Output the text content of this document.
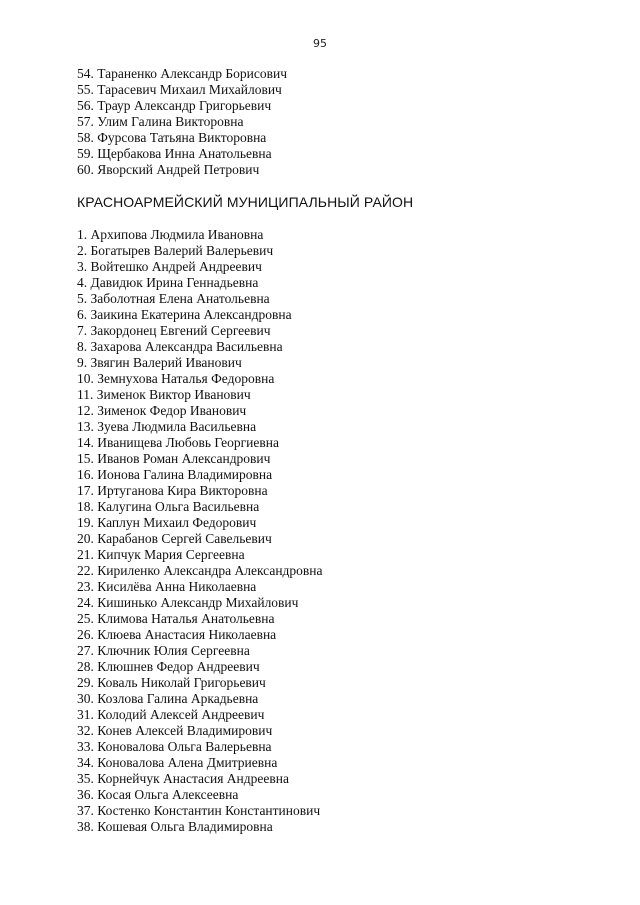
95
54. Тараненко Александр Борисович
55. Тарасевич Михаил Михайлович
56. Траур Александр Григорьевич
57. Улим Галина Викторовна
58. Фурсова Татьяна Викторовна
59. Щербакова Инна Анатольевна
60. Яворский Андрей Петрович
КРАСНОАРМЕЙСКИЙ МУНИЦИПАЛЬНЫЙ РАЙОН
1. Архипова Людмила Ивановна
2. Богатырев Валерий Валерьевич
3. Войтешко Андрей Андреевич
4. Давидюк Ирина Геннадьевна
5. Заболотная Елена Анатольевна
6. Заикина Екатерина Александровна
7. Закордонец Евгений Сергеевич
8. Захарова Александра Васильевна
9. Звягин Валерий Иванович
10. Земнухова Наталья Федоровна
11. Зименок Виктор Иванович
12. Зименок Федор Иванович
13. Зуева Людмила Васильевна
14. Иванищева Любовь Георгиевна
15. Иванов Роман Александрович
16. Ионова Галина Владимировна
17. Иртуганова Кира Викторовна
18. Калугина Ольга Васильевна
19. Каплун Михаил Федорович
20. Карабанов Сергей Савельевич
21. Кипчук Мария Сергеевна
22. Кириленко Александра Александровна
23. Кисилёва Анна Николаевна
24. Кишинько Александр Михайлович
25. Климова Наталья Анатольевна
26. Клюева Анастасия Николаевна
27. Ключник Юлия Сергеевна
28. Клюшнев Федор Андреевич
29. Коваль Николай Григорьевич
30. Козлова Галина Аркадьевна
31. Колодий Алексей Андреевич
32. Конев Алексей Владимирович
33. Коновалова Ольга Валерьевна
34. Коновалова Алена Дмитриевна
35. Корнейчук Анастасия Андреевна
36. Косая Ольга Алексеевна
37. Костенко Константин Константинович
38. Кошевая Ольга Владимировна
